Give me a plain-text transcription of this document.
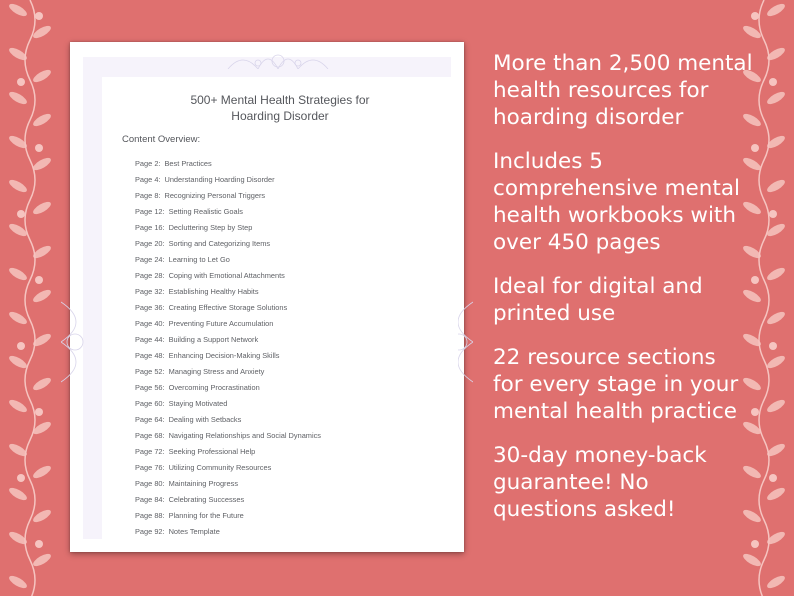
500+ Mental Health Strategies for
Hoarding Disorder
Content Overview:
Page 2: Best Practices
Page 4: Understanding Hoarding Disorder
Page 8: Recognizing Personal Triggers
Page 12: Setting Realistic Goals
Page 16: Decluttering Step by Step
Page 20: Sorting and Categorizing Items
Page 24: Learning to Let Go
Page 28: Coping with Emotional Attachments
Page 32: Establishing Healthy Habits
Page 36: Creating Effective Storage Solutions
Page 40: Preventing Future Accumulation
Page 44: Building a Support Network
Page 48: Enhancing Decision-Making Skills
Page 52: Managing Stress and Anxiety
Page 56: Overcoming Procrastination
Page 60: Staying Motivated
Page 64: Dealing with Setbacks
Page 68: Navigating Relationships and Social Dynamics
Page 72: Seeking Professional Help
Page 76: Utilizing Community Resources
Page 80: Maintaining Progress
Page 84: Celebrating Successes
Page 88: Planning for the Future
Page 92: Notes Template
More than 2,500 mental
health resources for
hoarding disorder
Includes 5
comprehensive mental
health workbooks with
over 450 pages
Ideal for digital and
printed use
22 resource sections
for every stage in your
mental health practice
30-day money-back
guarantee! No
questions asked!
